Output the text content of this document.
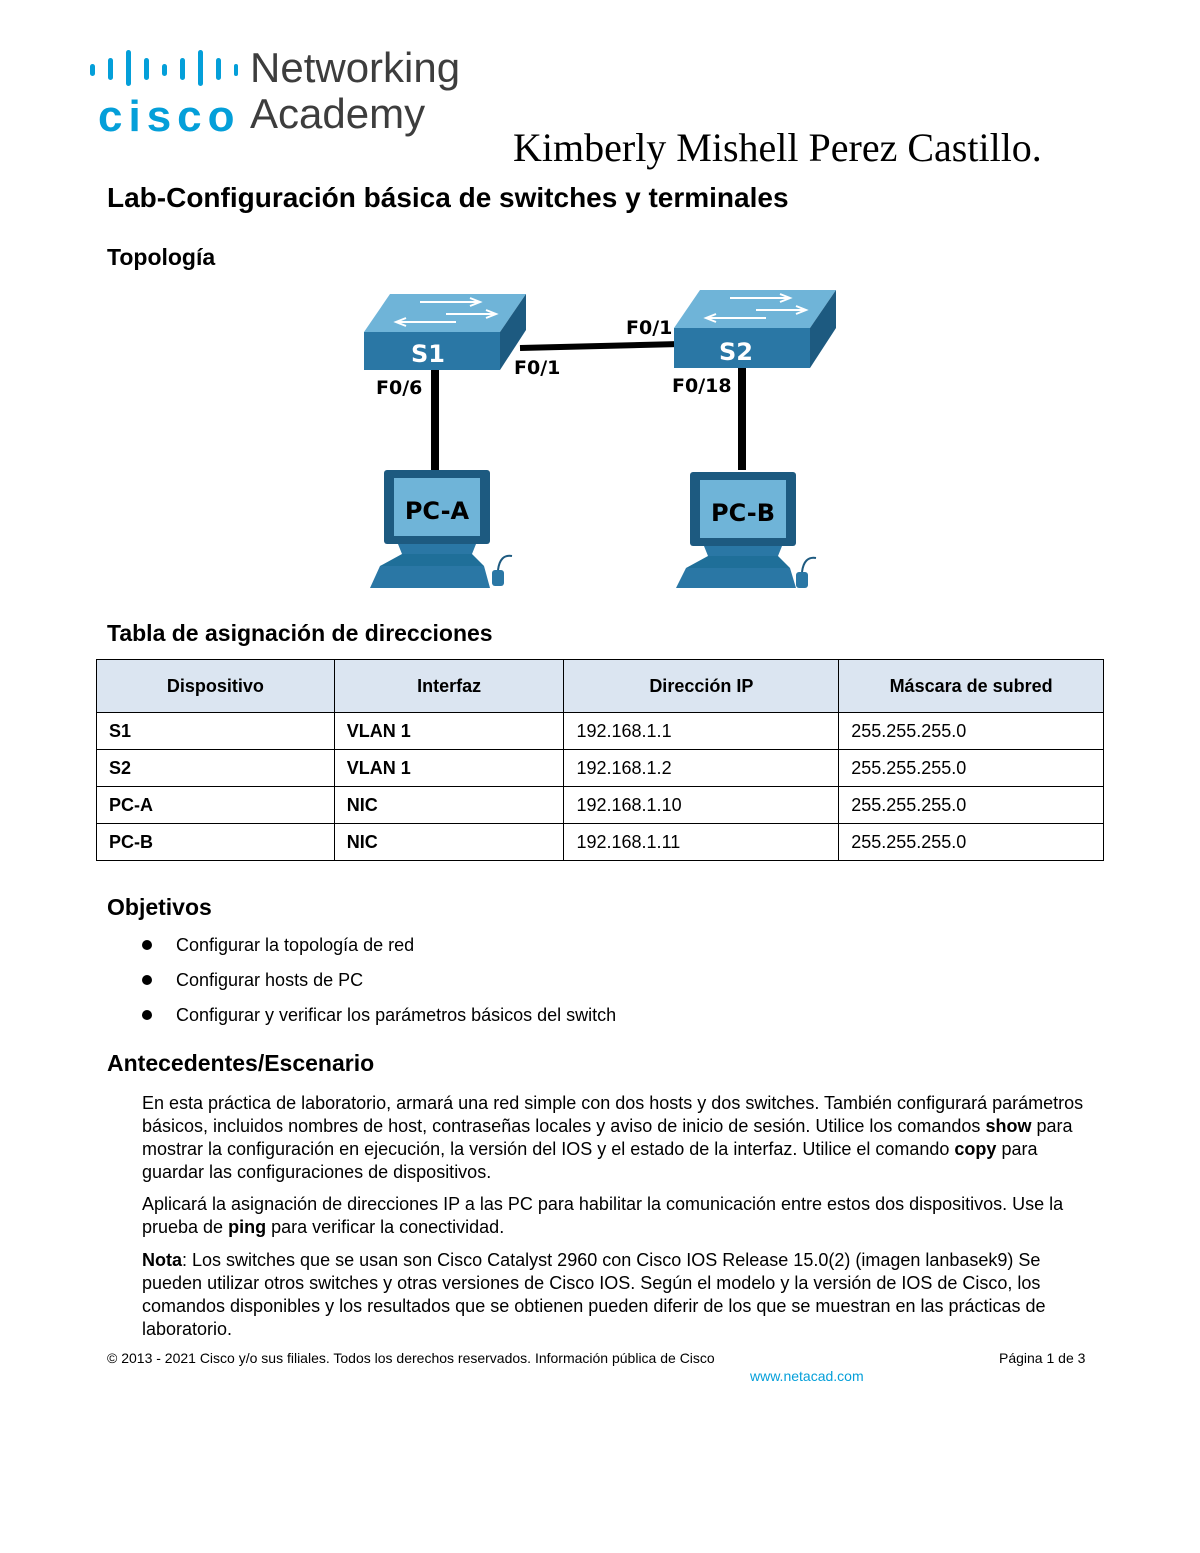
cisco
Networking
Academy
Kimberly Mishell Perez Castillo.
Lab-Configuración básica de switches y terminales
Topología
S1	S2
F0/6
F0/1
F0/1
F0/18
PC-A	PC-B
Tabla de asignación de direcciones
Dispositivo	Interfaz	Dirección IP	Máscara de subred
S1	VLAN 1	192.168.1.1	255.255.255.0
S2	VLAN 1	192.168.1.2	255.255.255.0
PC-A	NIC	192.168.1.10	255.255.255.0
PC-B	NIC	192.168.1.11	255.255.255.0
Objetivos
Configurar la topología de red
Configurar hosts de PC
Configurar y verificar los parámetros básicos del switch
Antecedentes/Escenario

En esta práctica de laboratorio, armará una red simple con dos hosts y dos switches. También configurará parámetros básicos, incluidos nombres de host, contraseñas locales y aviso de inicio de sesión. Utilice los comandos show para mostrar la configuración en ejecución, la versión del IOS y el estado de la interfaz. Utilice el comando copy para guardar las configuraciones de dispositivos.

Aplicará la asignación de direcciones IP a las PC para habilitar la comunicación entre estos dos dispositivos. Use la prueba de ping para verificar la conectividad.

Nota: Los switches que se usan son Cisco Catalyst 2960 con Cisco IOS Release 15.0(2) (imagen lanbasek9) Se pueden utilizar otros switches y otras versiones de Cisco IOS. Según el modelo y la versión de IOS de Cisco, los comandos disponibles y los resultados que se obtienen pueden diferir de los que se muestran en las prácticas de laboratorio.

© 2013 - 2021 Cisco y/o sus filiales. Todos los derechos reservados. Información pública de Cisco	Página 1 de 3
www.netacad.com
